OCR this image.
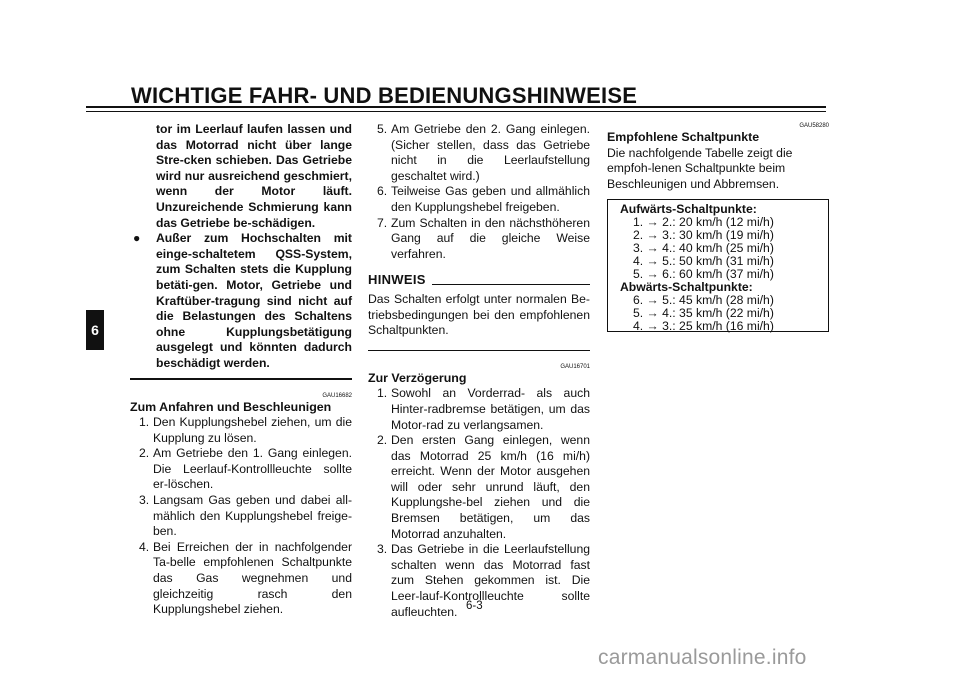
WICHTIGE FAHR- UND BEDIENUNGSHINWEISE
6

tor im Leerlauf laufen lassen und das Motorrad nicht über lange Stre-cken schieben. Das Getriebe wird nur ausreichend geschmiert, wenn der Motor läuft. Unzureichende Schmierung kann das Getriebe be-schädigen.

● Außer zum Hochschalten mit einge-schaltetem QSS-System, zum Schalten stets die Kupplung betäti-gen. Motor, Getriebe und Kraftüber-tragung sind nicht auf die Belastungen des Schaltens ohne Kupplungsbetätigung ausgelegt und könnten dadurch beschädigt werden.
GAU16682

Zum Anfahren und Beschleunigen

1. Den Kupplungshebel ziehen, um die Kupplung zu lösen.
2. Am Getriebe den 1. Gang einlegen. Die Leerlauf-Kontrollleuchte sollte er-löschen.
3. Langsam Gas geben und dabei all-mählich den Kupplungshebel freige-ben.
4. Bei Erreichen der in nachfolgender Ta-belle empfohlenen Schaltpunkte das Gas wegnehmen und gleichzeitig rasch den Kupplungshebel ziehen.
5. Am Getriebe den 2. Gang einlegen. (Sicher stellen, dass das Getriebe nicht in die Leerlaufstellung geschaltet wird.)
6. Teilweise Gas geben und allmählich den Kupplungshebel freigeben.
7. Zum Schalten in den nächsthöheren Gang auf die gleiche Weise verfahren.
HINWEIS

Das Schalten erfolgt unter normalen Be-triebsbedingungen bei den empfohlenen Schaltpunkten.

GAU16701

Zur Verzögerung

1. Sowohl an Vorderrad- als auch Hinter-radbremse betätigen, um das Motor-rad zu verlangsamen.
2. Den ersten Gang einlegen, wenn das Motorrad 25 km/h (16 mi/h) erreicht. Wenn der Motor ausgehen will oder sehr unrund läuft, den Kupplungshe-bel ziehen und die Bremsen betätigen, um das Motorrad anzuhalten.
3. Das Getriebe in die Leerlaufstellung schalten wenn das Motorrad fast zum Stehen gekommen ist. Die Leer-lauf-Kontrollleuchte sollte aufleuchten.
GAU58280

Empfohlene Schaltpunkte

Die nachfolgende Tabelle zeigt die empfoh-lenen Schaltpunkte beim Beschleunigen und Abbremsen.

Aufwärts-Schaltpunkte:
1. → 2.: 20 km/h (12 mi/h)
2. → 3.: 30 km/h (19 mi/h)
3. → 4.: 40 km/h (25 mi/h)
4. → 5.: 50 km/h (31 mi/h)
5. → 6.: 60 km/h (37 mi/h)
Abwärts-Schaltpunkte:
6. → 5.: 45 km/h (28 mi/h)
5. → 4.: 35 km/h (22 mi/h)
4. → 3.: 25 km/h (16 mi/h)
6-3
carmanualsonline.info
